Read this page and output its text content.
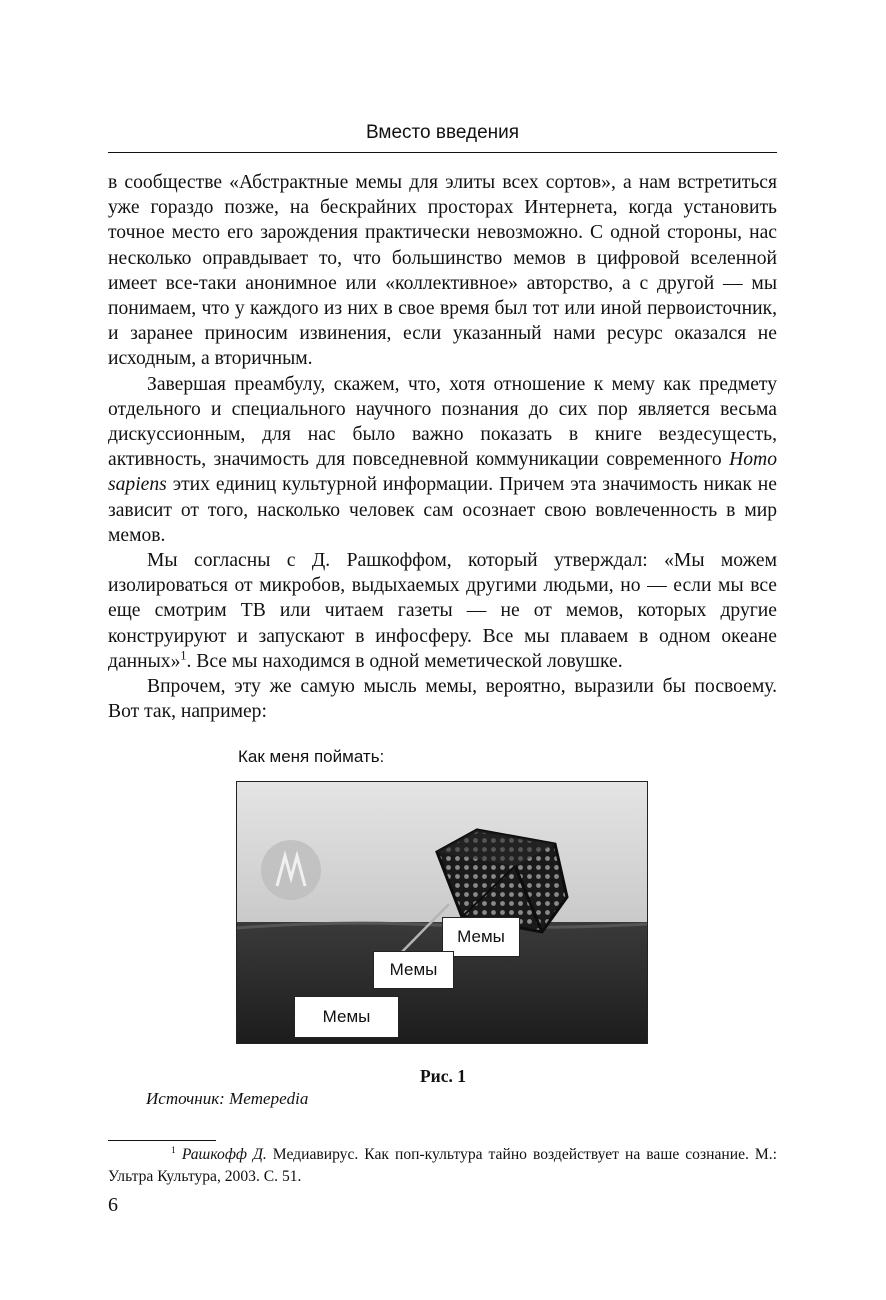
Вместо введения

в сообществе «Абстрактные мемы для элиты всех сортов», а нам встретиться уже гораздо позже, на бескрайних просторах Интернета, когда установить точное место его зарождения практически невозможно. С одной стороны, нас несколько оправдывает то, что большинство мемов в цифровой вселенной имеет все-таки анонимное или «коллективное» авторство, а с другой — мы понимаем, что у каждого из них в свое время был тот или иной первоисточник, и заранее приносим извинения, если указанный нами ресурс оказался не исходным, а вторичным.

Завершая преамбулу, скажем, что, хотя отношение к мему как предмету отдельного и специального научного познания до сих пор является весьма дискуссионным, для нас было важно показать в книге вездесущесть, активность, значимость для повседневной коммуникации современного Homo sapiens этих единиц культурной информации. Причем эта значимость никак не зависит от того, насколько человек сам осознает свою вовлеченность в мир мемов.

Мы согласны с Д. Рашкоффом, который утверждал: «Мы можем изолироваться от микробов, выдыхаемых другими людьми, но — если мы все еще смотрим ТВ или читаем газеты — не от мемов, которых другие конструируют и запускают в инфосферу. Все мы плаваем в одном океане данных»$^1$. Все мы находимся в одной меметической ловушке.

Впрочем, эту же самую мысль мемы, вероятно, выразили бы посвоему. Вот так, например:

Как меня поймать:
Мемы
Мемы
Мемы
Рис. 1
Источник: Memepedia
$^1$ Рашкофф Д. Медиавирус. Как поп-культура тайно воздействует на ваше сознание. М.: Ультра Культура, 2003. С. 51.
6
